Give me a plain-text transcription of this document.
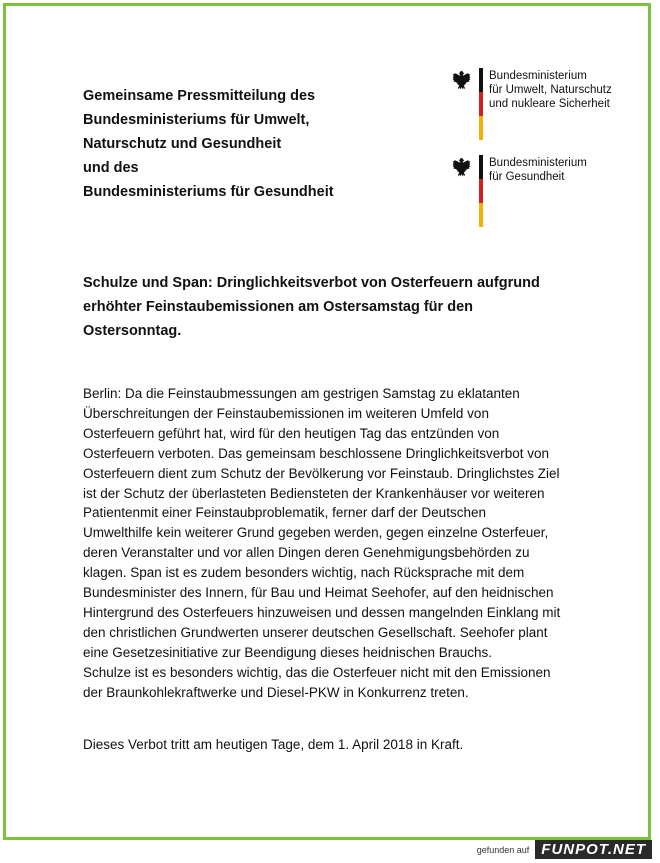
Gemeinsame Pressmitteilung des
Bundesministeriums für Umwelt,
Naturschutz und Gesundheit
und des
Bundesministeriums für Gesundheit
Bundesministerium
für Umwelt, Naturschutz
und nukleare Sicherheit
Bundesministerium
für Gesundheit
Schulze und Span: Dringlichkeitsverbot von Osterfeuern aufgrund
erhöhter Feinstaubemissionen am Ostersamstag für den
Ostersonntag.
Berlin: Da die Feinstaubmessungen am gestrigen Samstag zu eklatanten
Überschreitungen der Feinstaubemissionen im weiteren Umfeld von
Osterfeuern geführt hat, wird für den heutigen Tag das entzünden von
Osterfeuern verboten. Das gemeinsam beschlossene Dringlichkeitsverbot von
Osterfeuern dient zum Schutz der Bevölkerung vor Feinstaub. Dringlichstes Ziel
ist der Schutz der überlasteten Bediensteten der Krankenhäuser vor weiteren
Patientenmit einer Feinstaubproblematik, ferner darf der Deutschen
Umwelthilfe kein weiterer Grund gegeben werden, gegen einzelne Osterfeuer,
deren Veranstalter und vor allen Dingen deren Genehmigungsbehörden zu
klagen. Span ist es zudem besonders wichtig, nach Rücksprache mit dem
Bundesminister des Innern, für Bau und Heimat Seehofer, auf den heidnischen
Hintergrund des Osterfeuers hinzuweisen und dessen mangelnden Einklang mit
den christlichen Grundwerten unserer deutschen Gesellschaft. Seehofer plant
eine Gesetzesinitiative zur Beendigung dieses heidnischen Brauchs.
Schulze ist es besonders wichtig, das die Osterfeuer nicht mit den Emissionen
der Braunkohlekraftwerke und Diesel-PKW in Konkurrenz treten.
Dieses Verbot tritt am heutigen Tage, dem 1. April 2018 in Kraft.
gefunden auf FUNPOT.NET
